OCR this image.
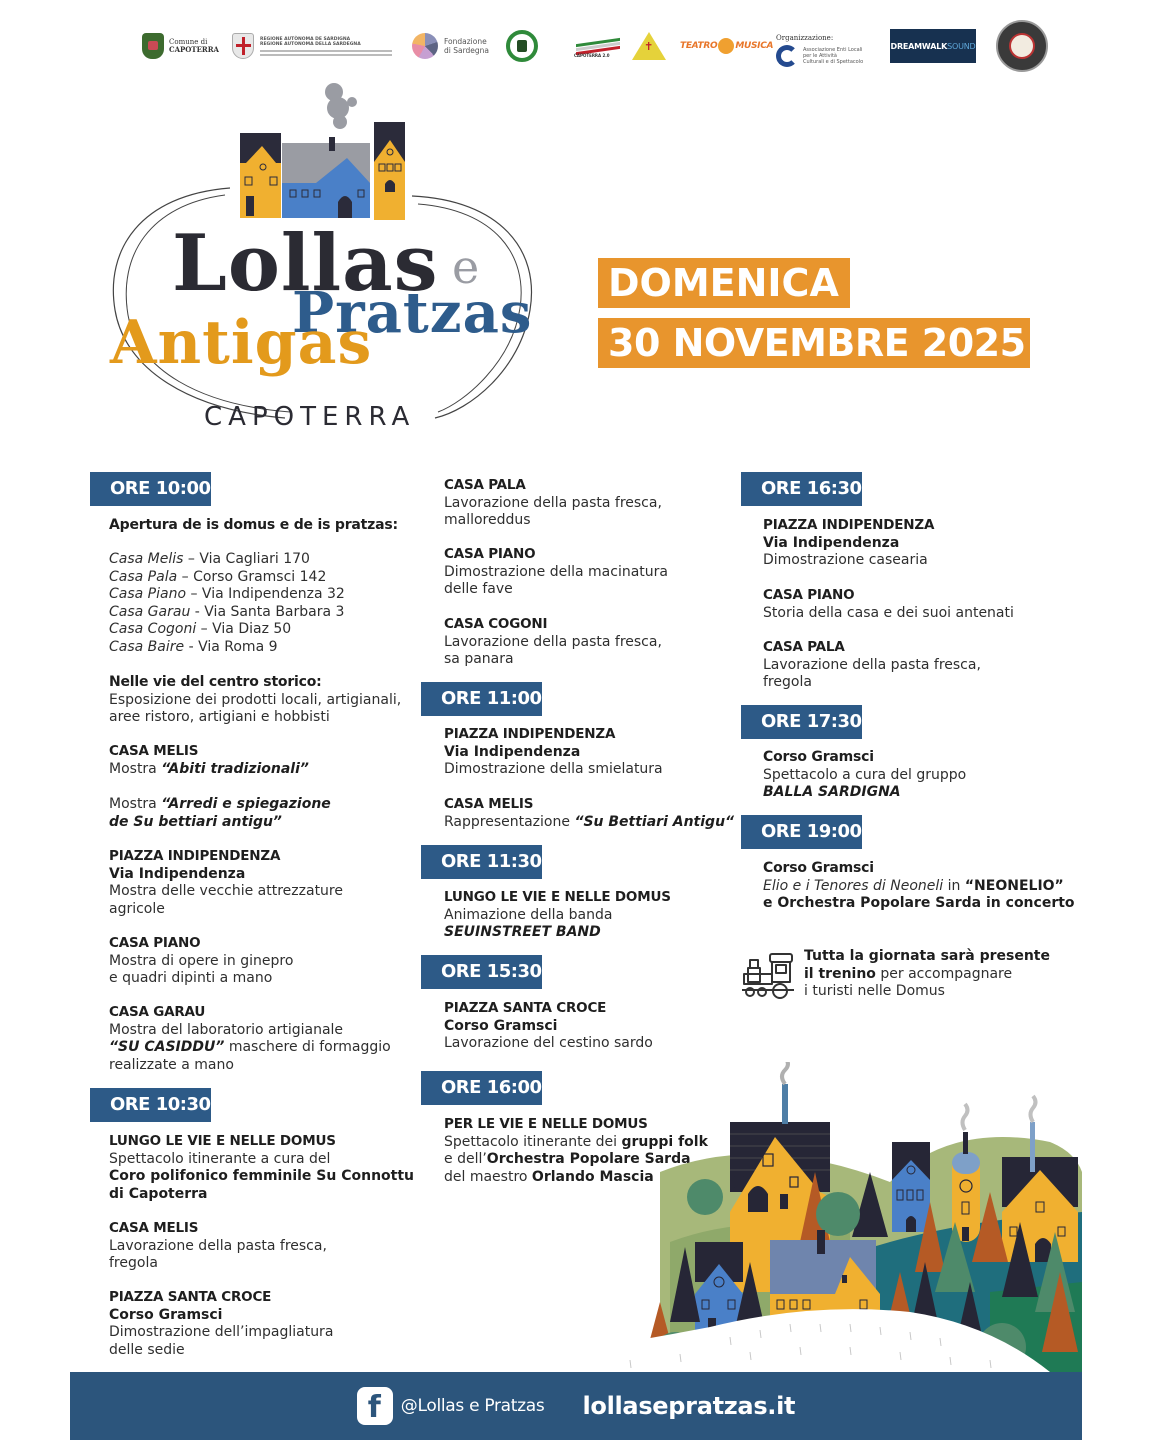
Comune di
CAPOTERRA
REGIONE AUTÒNOMA DE SARDIGNA
REGIONE AUTONOMA DELLA SARDEGNA	Fondazione
di Sardegna
CAPOTERRA 2.0
✝
TEATRO MUSICA
Organizzazione:
Associazione Enti Locali
per le Attività
Culturali e di Spettacolo
DREAMWALK SOUND
Lollas e
Pratzas
Antigas
CAPOTERRA
DOMENICA
30 NOVEMBRE 2025
ORE 10:00
Apertura de is domus e de is pratzas:
Casa Melis – Via Cagliari 170
Casa Pala – Corso Gramsci 142
Casa Piano – Via Indipendenza 32
Casa Garau - Via Santa Barbara 3
Casa Cogoni – Via Diaz 50
Casa Baire - Via Roma 9
Nelle vie del centro storico:
Esposizione dei prodotti locali, artigianali,
aree ristoro, artigiani e hobbisti
CASA MELIS
Mostra “Abiti tradizionali”
Mostra “Arredi e spiegazione
de Su bettiari antigu”
PIAZZA INDIPENDENZA
Via Indipendenza
Mostra delle vecchie attrezzature
agricole
CASA PIANO
Mostra di opere in ginepro
e quadri dipinti a mano
CASA GARAU
Mostra del laboratorio artigianale
“SU CASIDDU” maschere di formaggio
realizzate a mano
ORE 10:30
LUNGO LE VIE E NELLE DOMUS
Spettacolo itinerante a cura del
Coro polifonico femminile Su Connottu
di Capoterra
CASA MELIS
Lavorazione della pasta fresca,
fregola
PIAZZA SANTA CROCE
Corso Gramsci
Dimostrazione dell’impagliatura
delle sedie
CASA PALA
Lavorazione della pasta fresca,
malloreddus
CASA PIANO
Dimostrazione della macinatura
delle fave
CASA COGONI
Lavorazione della pasta fresca,
sa panara
ORE 11:00
PIAZZA INDIPENDENZA
Via Indipendenza
Dimostrazione della smielatura
CASA MELIS
Rappresentazione “Su Bettiari Antigu“
ORE 11:30
LUNGO LE VIE E NELLE DOMUS
Animazione della banda
SEUINSTREET BAND
ORE 15:30
PIAZZA SANTA CROCE
Corso Gramsci
Lavorazione del cestino sardo
ORE 16:00
PER LE VIE E NELLE DOMUS
Spettacolo itinerante dei gruppi folk
e dell’Orchestra Popolare Sarda
del maestro Orlando Mascia
ORE 16:30
PIAZZA INDIPENDENZA
Via Indipendenza
Dimostrazione casearia
CASA PIANO
Storia della casa e dei suoi antenati
CASA PALA
Lavorazione della pasta fresca,
fregola
ORE 17:30
Corso Gramsci
Spettacolo a cura del gruppo
BALLA SARDIGNA
ORE 19:00
Corso Gramsci
Elio e i Tenores di Neoneli in “NEONELIO”
e Orchestra Popolare Sarda in concerto
Tutta la giornata sarà presente
il trenino per accompagnare
i turisti nelle Domus
f @Lollas e Pratzas lollasepratzas.it
